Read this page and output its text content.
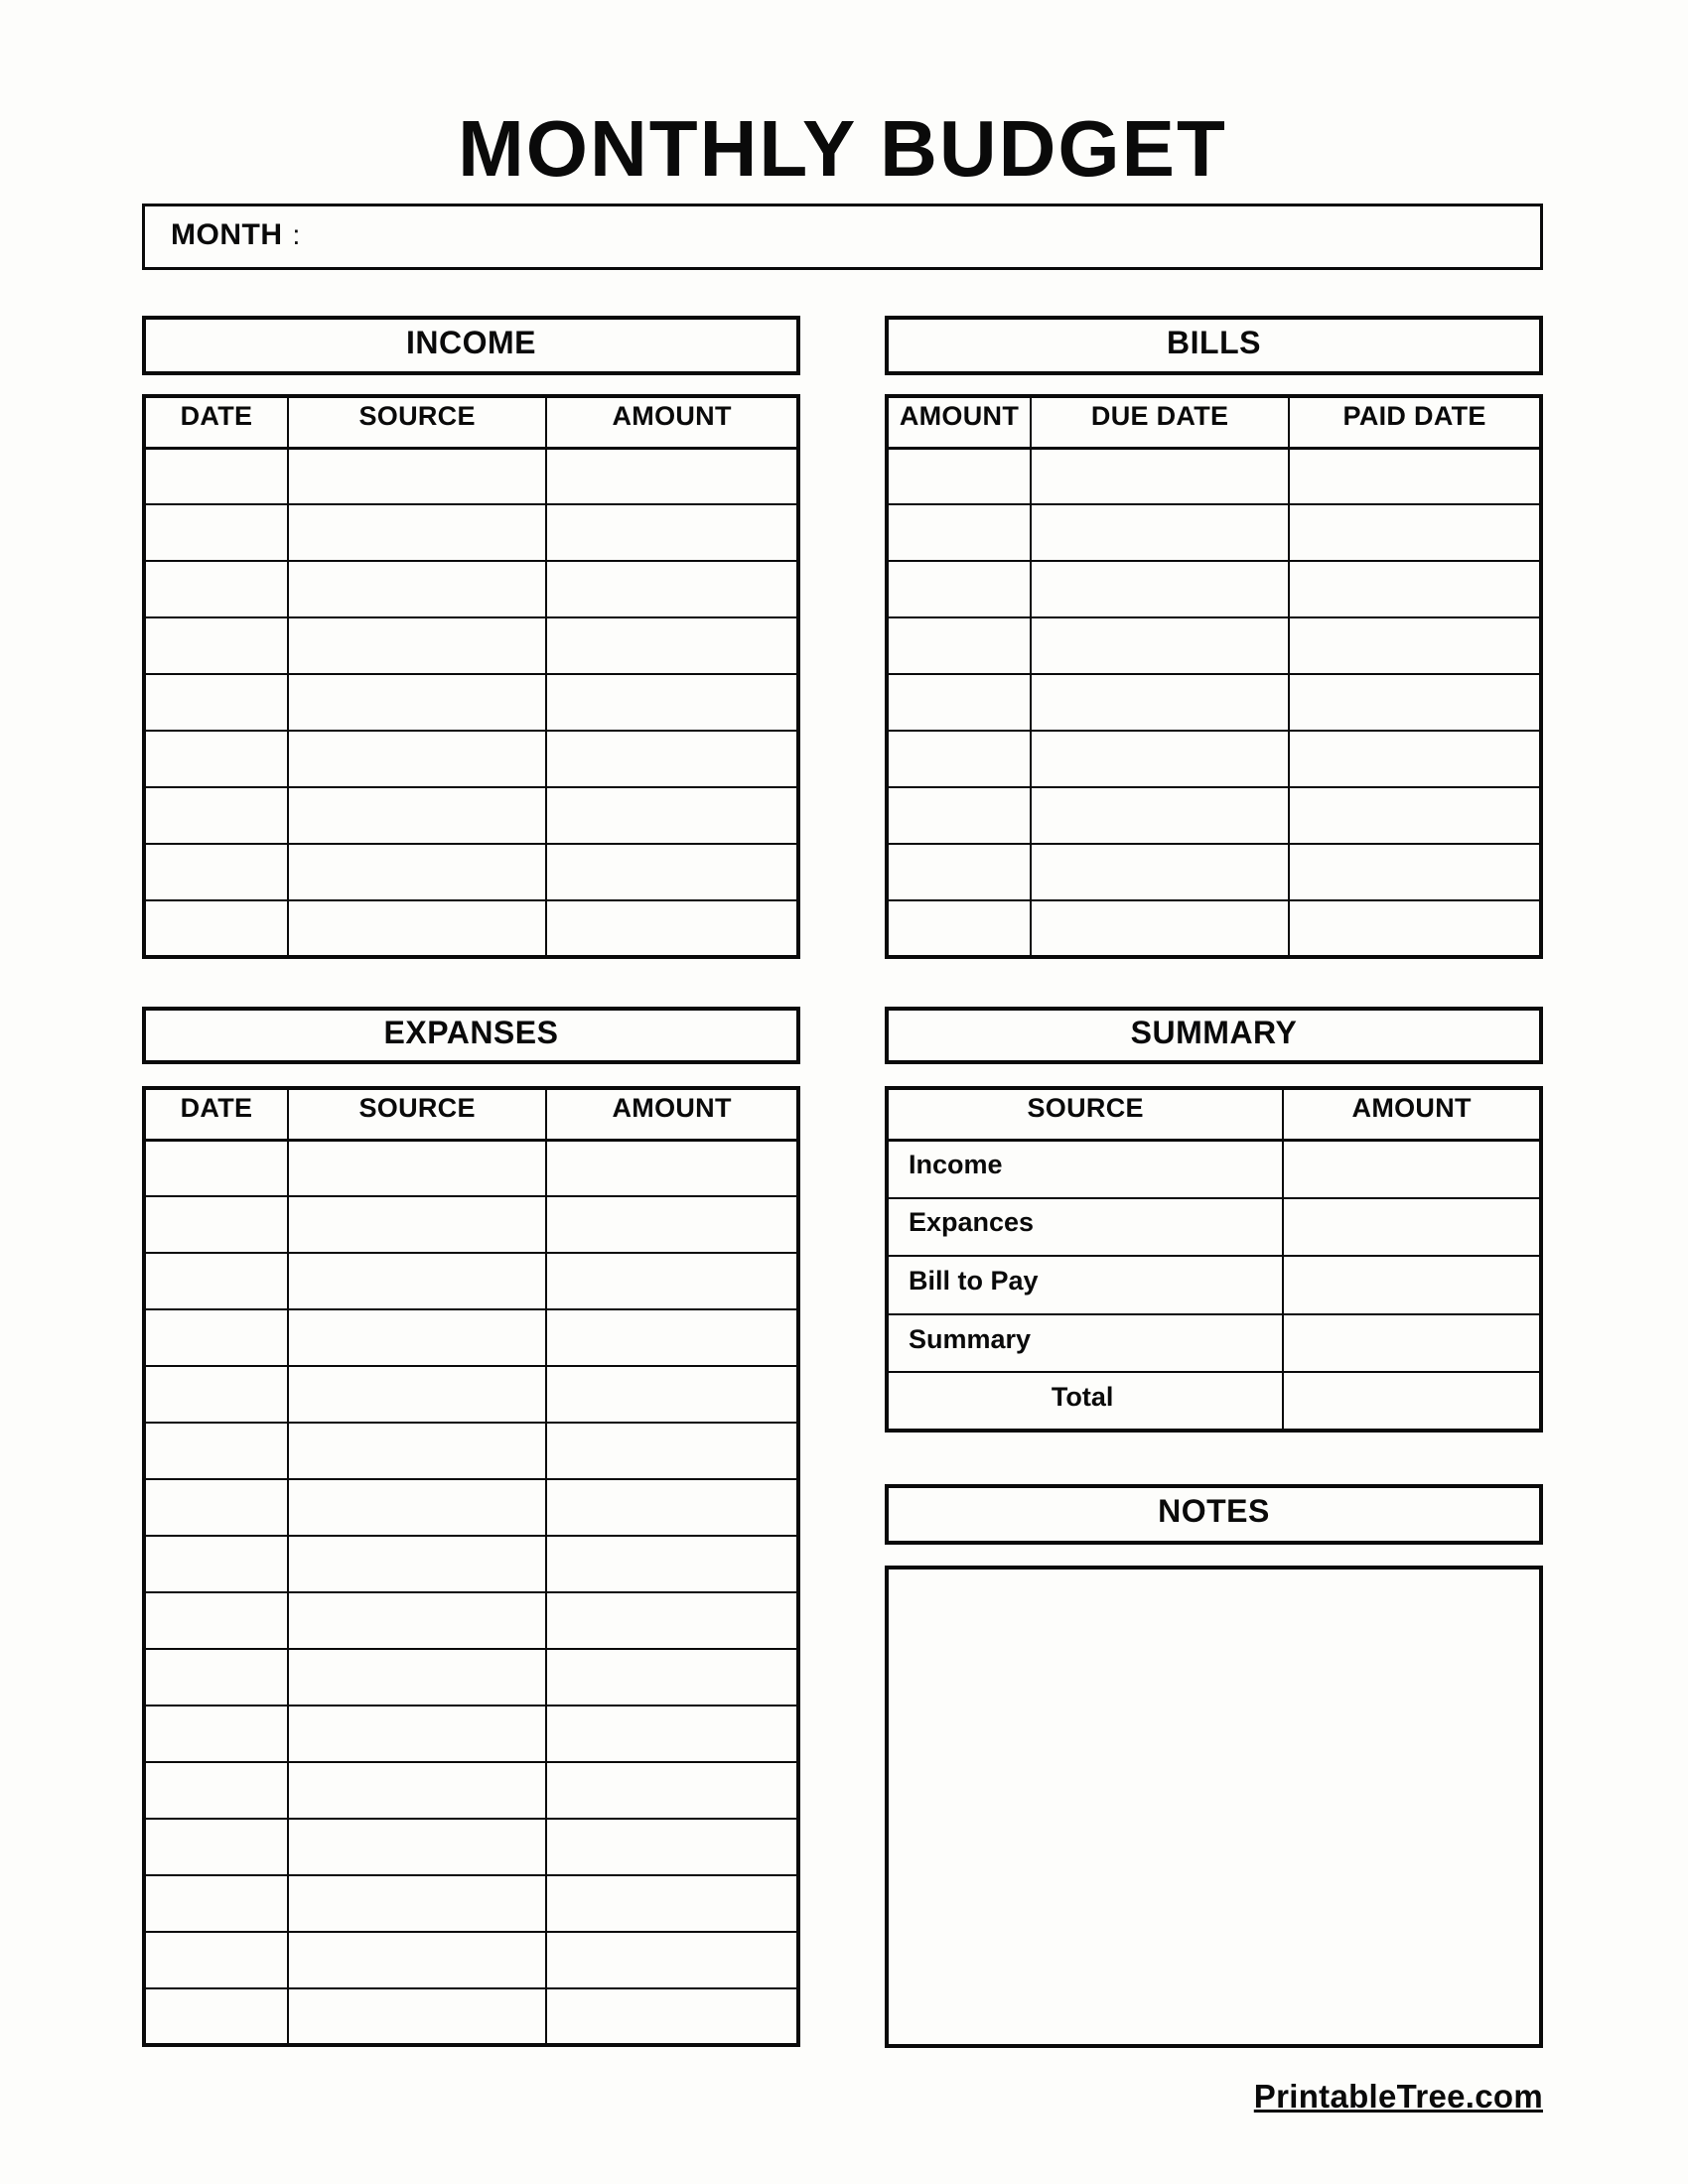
MONTHLY BUDGET
MONTH :
INCOME	BILLS
DATE	SOURCE	AMOUNT

			AMOUNT	DUE DATE	PAID DATE

EXPANSES	SUMMARY
DATE	SOURCE	AMOUNT

			SOURCE	AMOUNT
Income	
Expances	
Bill to Pay	
Summary	
Total	
NOTES
PrintableTree.com
